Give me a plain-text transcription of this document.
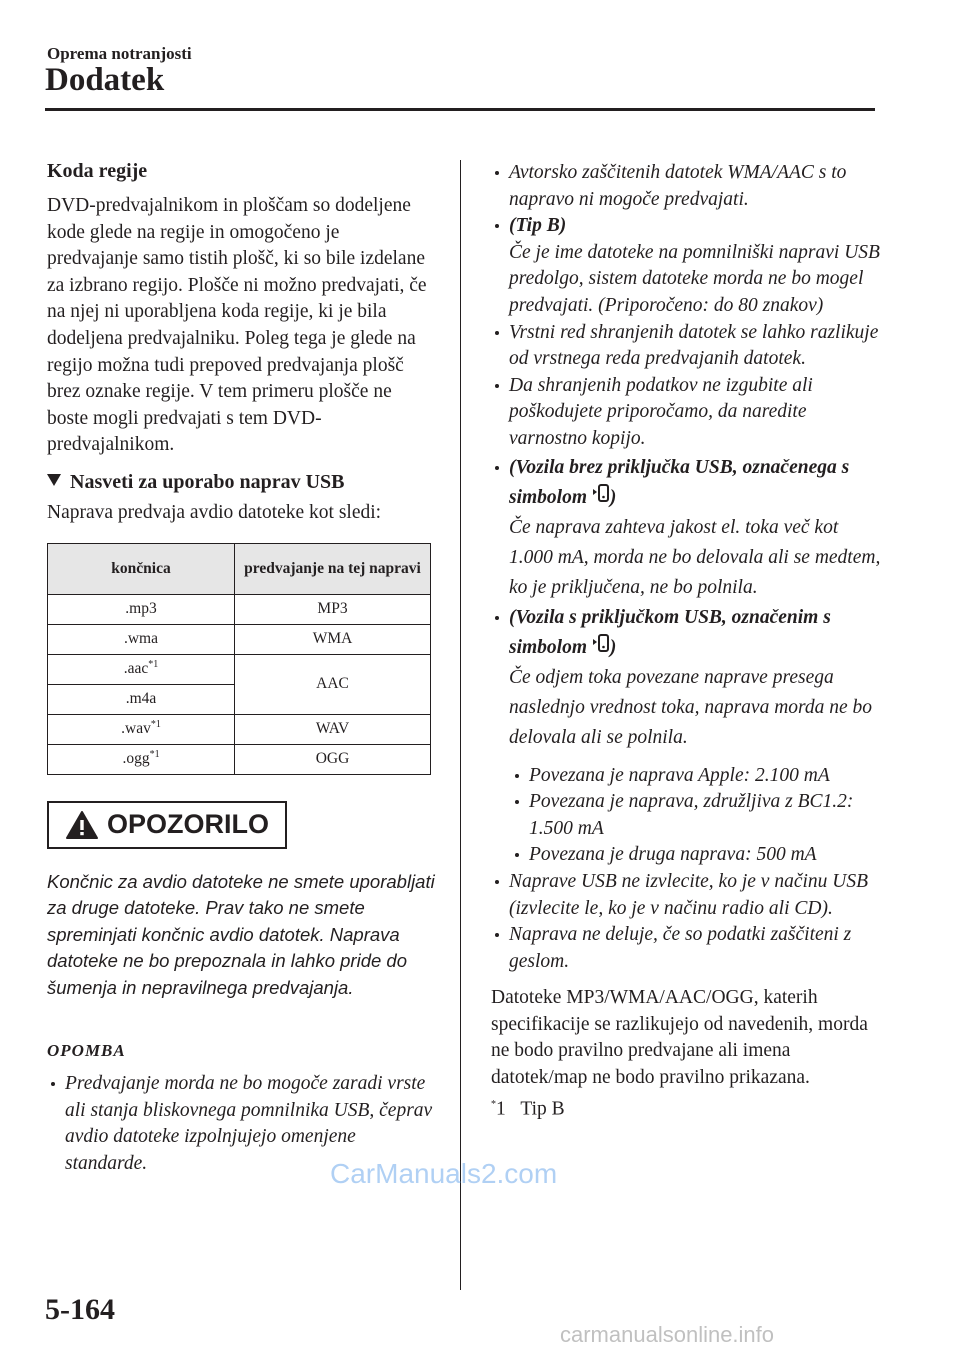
Oprema notranjosti
Dodatek
Koda regije

DVD-predvajalnikom in ploščam so dodeljene kode glede na regije in omogočeno je predvajanje samo tistih plošč, ki so bile izdelane za izbrano regijo. Plošče ni možno predvajati, če na njej ni uporabljena koda regije, ki je bila dodeljena predvajalniku. Poleg tega je glede na regijo možna tudi prepoved predvajanja plošč brez oznake regije. V tem primeru plošče ne boste mogli predvajati s tem DVD-predvajalnikom.

Nasveti za uporabo naprav USB

Naprava predvaja avdio datoteke kot sledi:

končnica	predvajanje na tej napravi
.mp3	MP3
.wma	WMA
.aac$^{*1}$	AAC
.m4a	
.wav$^{*1}$	WAV
.ogg$^{*1}$	OGG
OPOZORILO
Končnic za avdio datoteke ne smete uporabljati za druge datoteke. Prav tako ne smete spreminjati končnic avdio datotek. Naprava datoteke ne bo prepoznala in lahko pride do šumenja in nepravilnega predvajanja.
OPOMBA
Predvajanje morda ne bo mogoče zaradi vrste ali stanja bliskovnega pomnilnika USB, čeprav avdio datoteke izpolnjujejo omenjene standarde.
Avtorsko zaščitenih datotek WMA/AAC s to napravo ni mogoče predvajati.
(Tip B)
Če je ime datoteke na pomnilniški napravi USB predolgo, sistem datoteke morda ne bo mogel predvajati. (Priporočeno: do 80 znakov)
Vrstni red shranjenih datotek se lahko razlikuje od vrstnega reda predvajanih datotek.
Da shranjenih podatkov ne izgubite ali poškodujete priporočamo, da naredite varnostno kopijo.
(Vozila brez priključka USB, označenega s simbolom )
Če naprava zahteva jakost el. toka več kot 1.000 mA, morda ne bo delovala ali se medtem, ko je priključena, ne bo polnila.
(Vozila s priključkom USB, označenim s simbolom )
Če odjem toka povezane naprave presega naslednjo vrednost toka, naprava morda ne bo delovala ali se polnila.
Povezana je naprava Apple: 2.100 mA
Povezana je naprava, združljiva z BC1.2: 1.500 mA
Povezana je druga naprava: 500 mA
Naprave USB ne izvlecite, ko je v načinu USB (izvlecite le, ko je v načinu radio ali CD).
Naprava ne deluje, če so podatki zaščiteni z geslom.

Datoteke MP3/WMA/AAC/OGG, katerih specifikacije se razlikujejo od navedenih, morda ne bodo pravilno predvajane ali imena datotek/map ne bodo pravilno prikazana.

*1 Tip B
5-164
CarManuals2.com
carmanualsonline.info
